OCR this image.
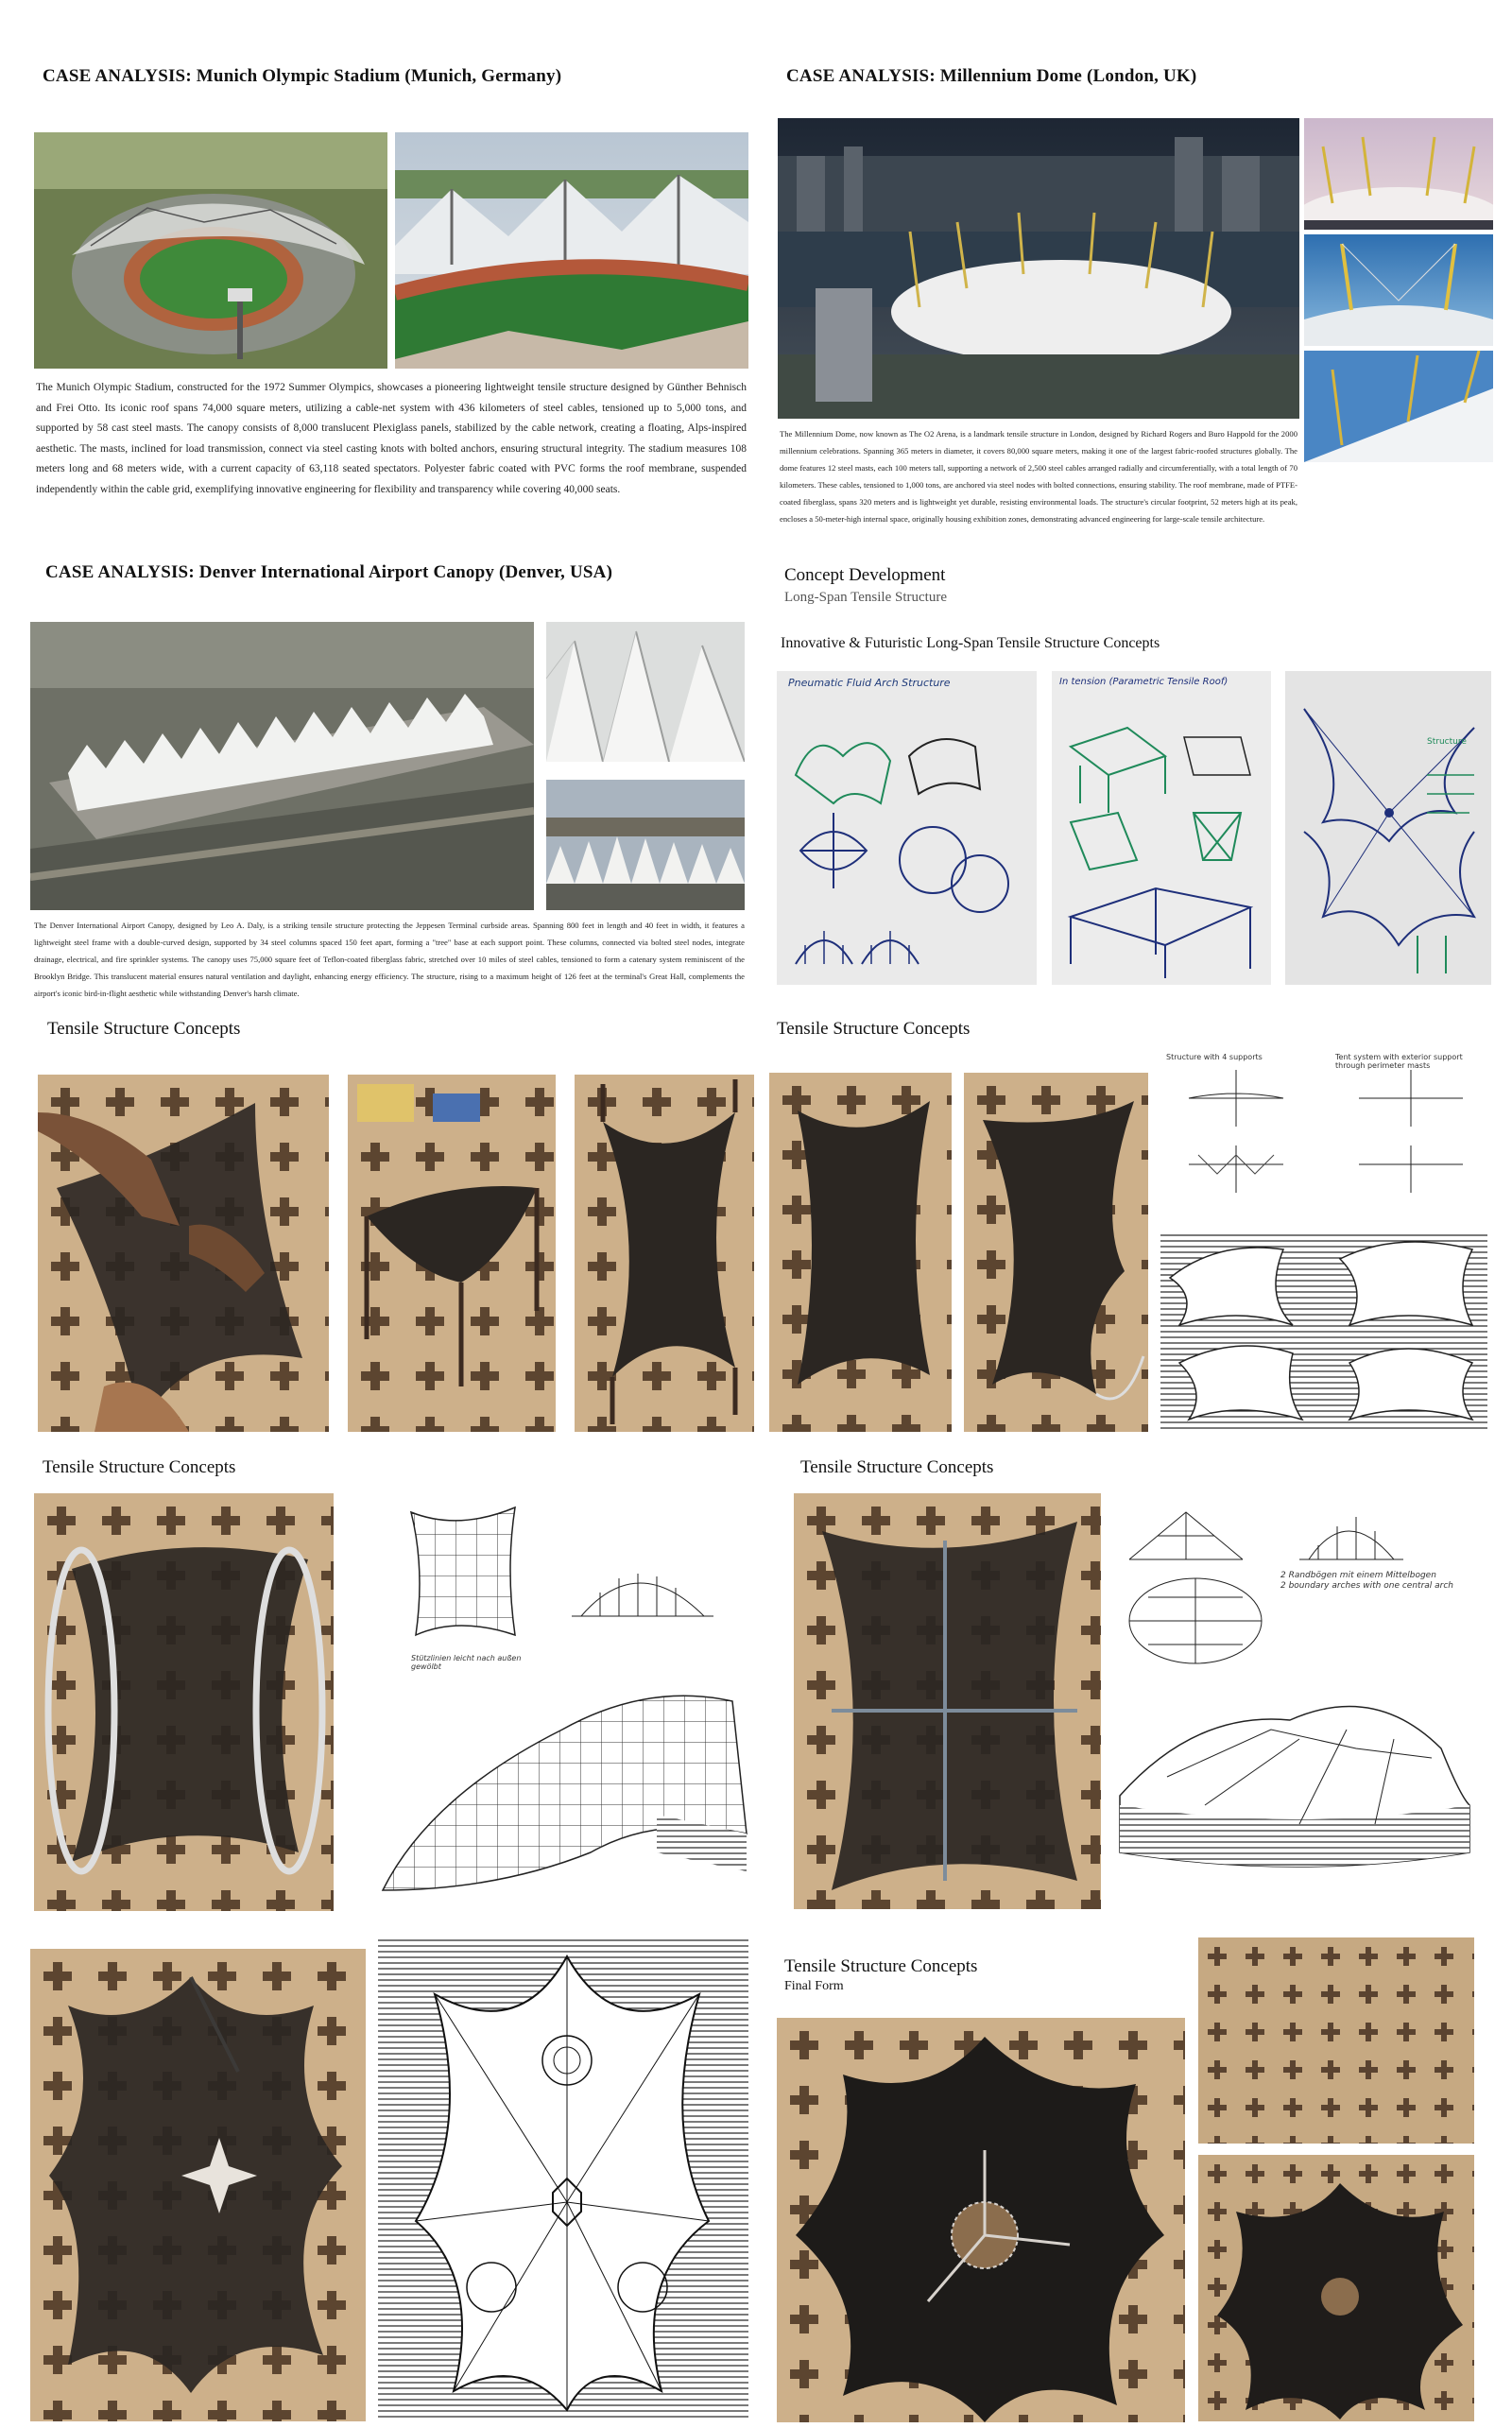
CASE ANALYSIS: Munich Olympic Stadium (Munich, Germany)
The Munich Olympic Stadium, constructed for the 1972 Summer Olympics, showcases a pioneering lightweight tensile structure designed by Günther Behnisch and Frei Otto. Its iconic roof spans 74,000 square meters, utilizing a cable-net system with 436 kilometers of steel cables, tensioned up to 5,000 tons, and supported by 58 cast steel masts. The canopy consists of 8,000 translucent Plexiglass panels, stabilized by the cable network, creating a floating, Alps-inspired aesthetic. The masts, inclined for load transmission, connect via steel casting knots with bolted anchors, ensuring structural integrity. The stadium measures 108 meters long and 68 meters wide, with a current capacity of 63,118 seated spectators. Polyester fabric coated with PVC forms the roof membrane, suspended independently within the cable grid, exemplifying innovative engineering for flexibility and transparency while covering 40,000 seats.
CASE ANALYSIS: Millennium Dome (London, UK)
The Millennium Dome, now known as The O2 Arena, is a landmark tensile structure in London, designed by Richard Rogers and Buro Happold for the 2000 millennium celebrations. Spanning 365 meters in diameter, it covers 80,000 square meters, making it one of the largest fabric-roofed structures globally. The dome features 12 steel masts, each 100 meters tall, supporting a network of 2,500 steel cables arranged radially and circumferentially, with a total length of 70 kilometers. These cables, tensioned to 1,000 tons, are anchored via steel nodes with bolted connections, ensuring stability. The roof membrane, made of PTFE-coated fiberglass, spans 320 meters and is lightweight yet durable, resisting environmental loads. The structure's circular footprint, 52 meters high at its peak, encloses a 50-meter-high internal space, originally housing exhibition zones, demonstrating advanced engineering for large-scale tensile architecture.
CASE ANALYSIS: Denver International Airport Canopy (Denver, USA)
The Denver International Airport Canopy, designed by Leo A. Daly, is a striking tensile structure protecting the Jeppesen Terminal curbside areas. Spanning 800 feet in length and 40 feet in width, it features a lightweight steel frame with a double-curved design, supported by 34 steel columns spaced 150 feet apart, forming a "tree" base at each support point. These columns, connected via bolted steel nodes, integrate drainage, electrical, and fire sprinkler systems. The canopy uses 75,000 square feet of Teflon-coated fiberglass fabric, stretched over 10 miles of steel cables, tensioned to form a catenary system reminiscent of the Brooklyn Bridge. This translucent material ensures natural ventilation and daylight, enhancing energy efficiency. The structure, rising to a maximum height of 126 feet at the terminal's Great Hall, complements the airport's iconic bird-in-flight aesthetic while withstanding Denver's harsh climate.
Concept Development
Long-Span Tensile Structure
Innovative & Futuristic Long-Span Tensile Structure Concepts
Pneumatic Fluid Arch Structure	In tension (Parametric Tensile Roof)
Structure
Tensile Structure Concepts	Tensile Structure Concepts
Structure with 4 supports	Tent system with exterior support through perimeter masts
Tensile Structure Concepts	Tensile Structure Concepts
Stützlinien leicht nach außen gewölbt
2 Randbögen mit einem Mittelbogen
2 boundary arches with one central arch
Tensile Structure Concepts
Final Form
